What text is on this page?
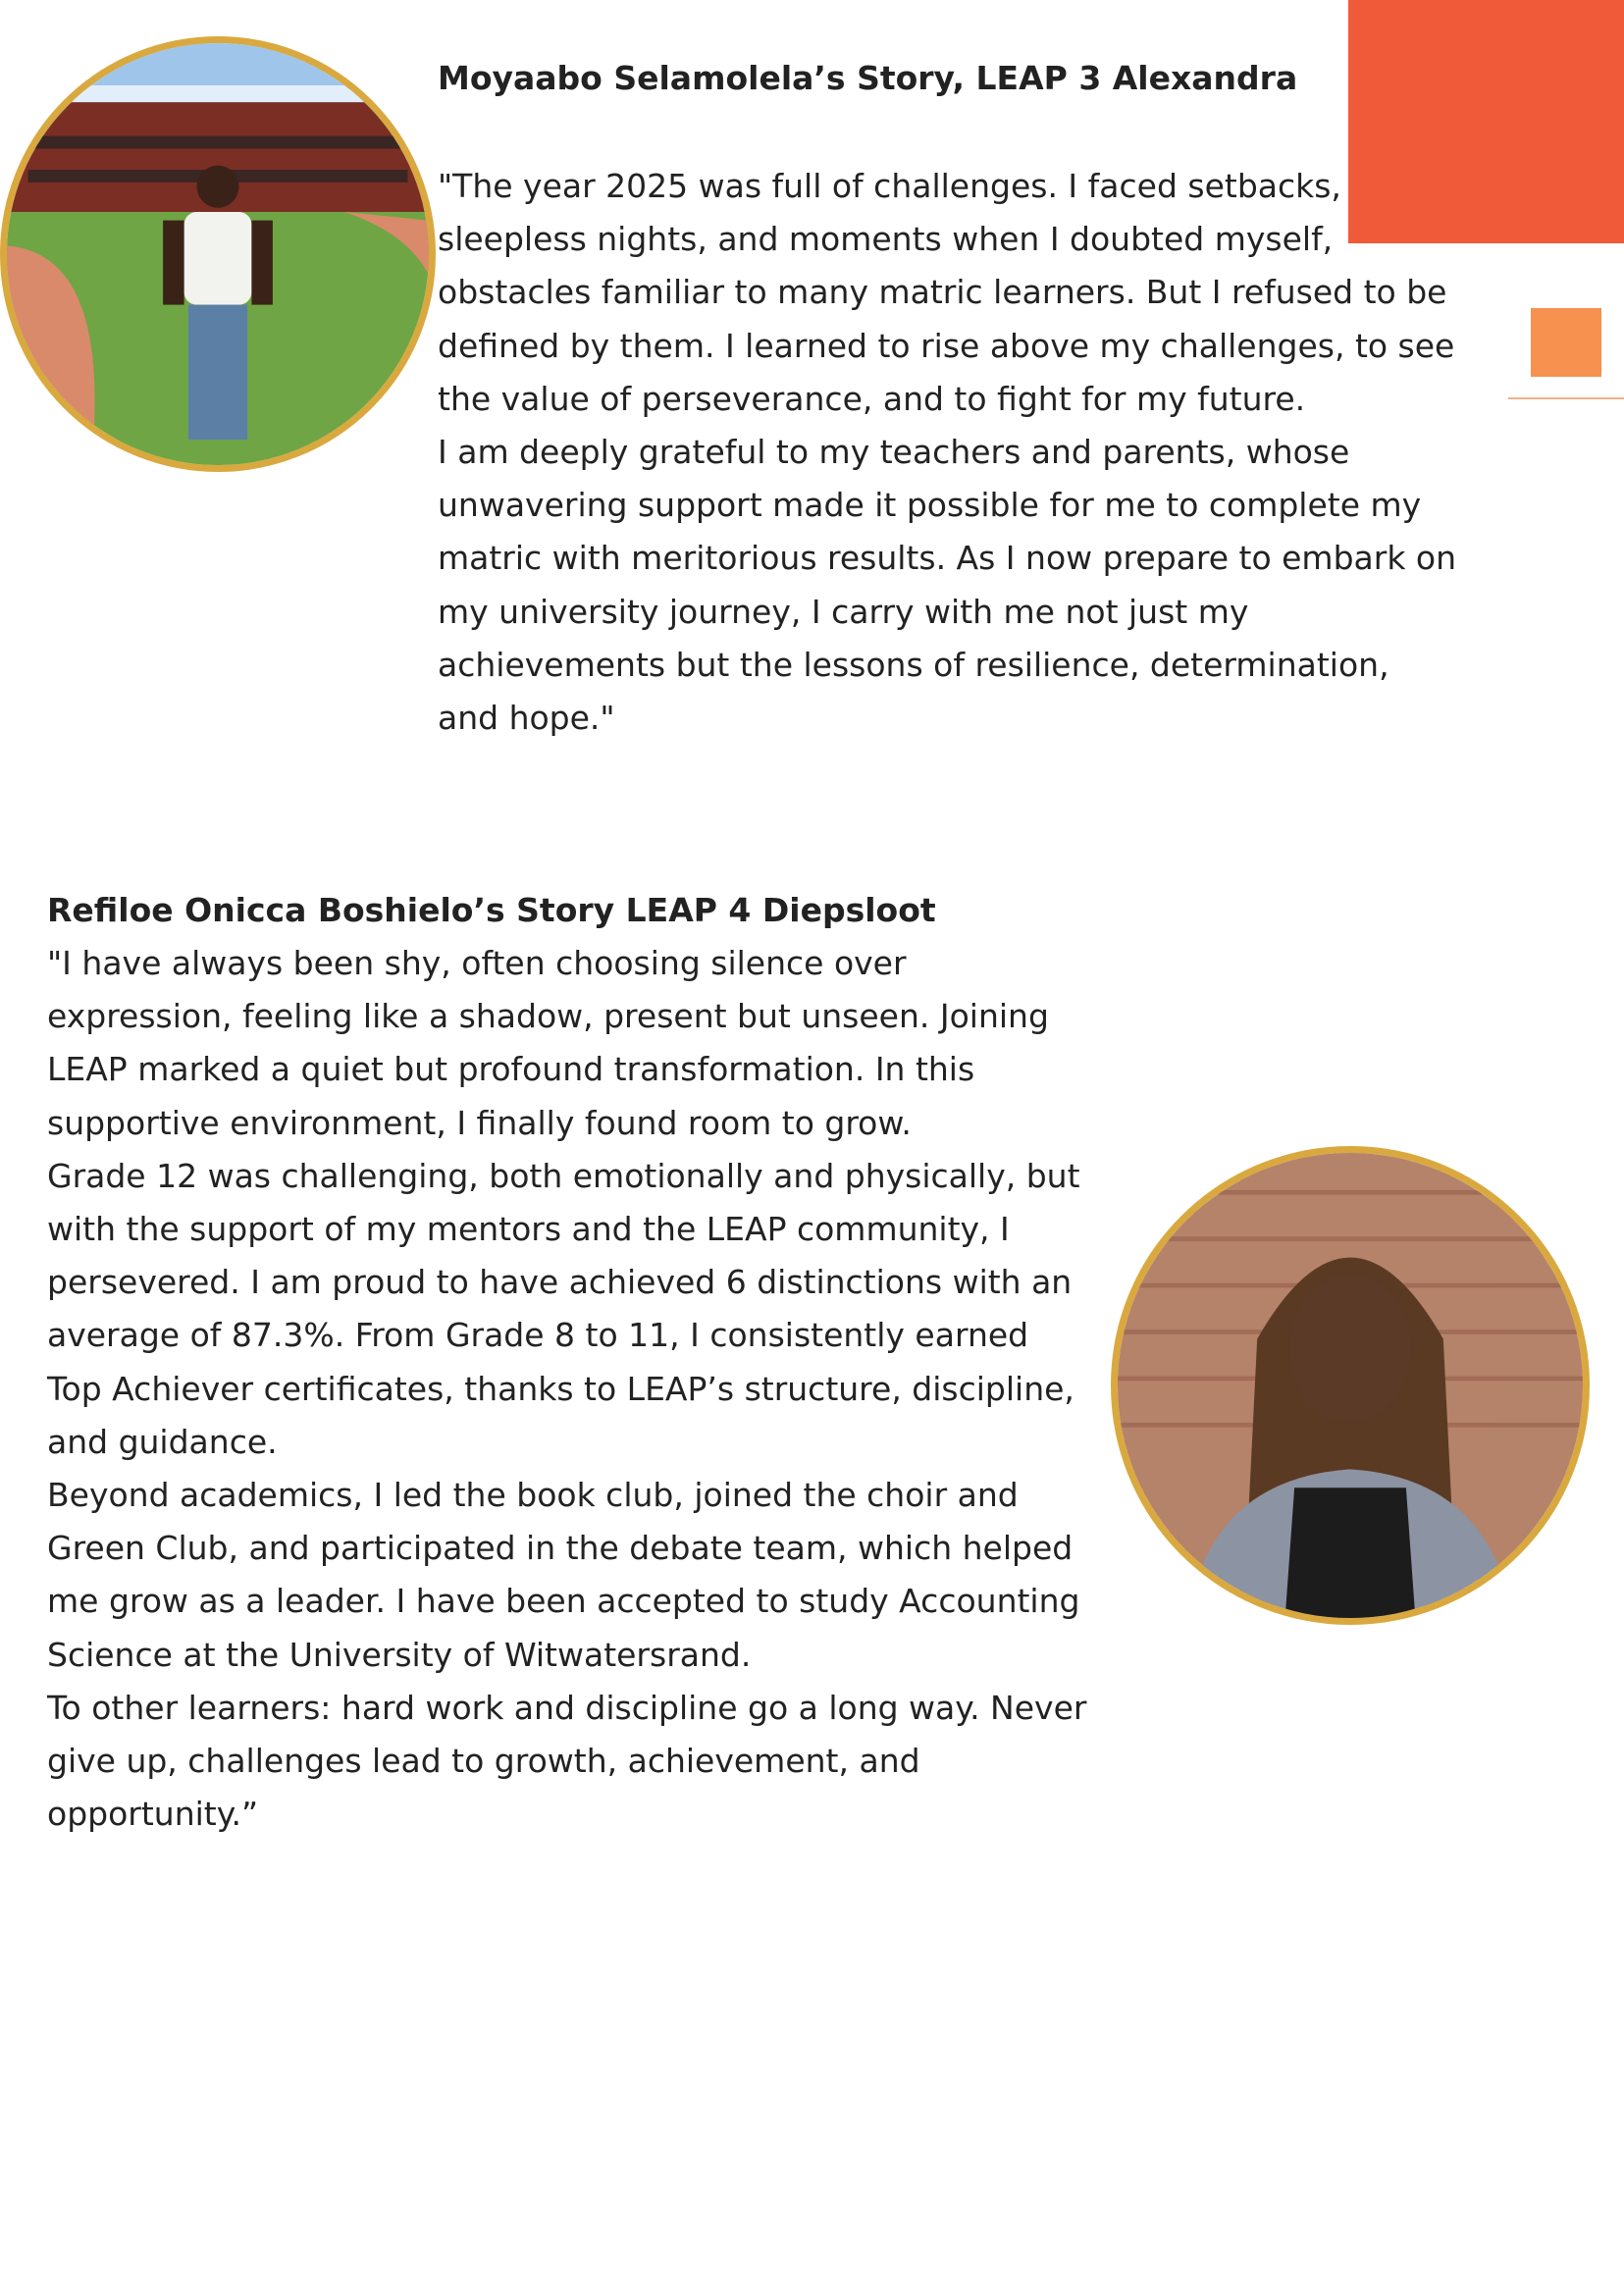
Moyaabo Selamolela’s Story, LEAP 3 Alexandra

"The year 2025 was full of challenges. I faced setbacks, sleepless nights, and moments when I doubted myself, obstacles familiar to many matric learners. But I refused to be defined by them. I learned to rise above my challenges, to see the value of perseverance, and to fight for my future.

I am deeply grateful to my teachers and parents, whose unwavering support made it possible for me to complete my matric with meritorious results. As I now prepare to embark on my university journey, I carry with me not just my achievements but the lessons of resilience, determination, and hope."

Refiloe Onicca Boshielo’s Story LEAP 4 Diepsloot

"I have always been shy, often choosing silence over expression, feeling like a shadow, present but unseen. Joining LEAP marked a quiet but profound transformation. In this supportive environment, I finally found room to grow.

Grade 12 was challenging, both emotionally and physically, but with the support of my mentors and the LEAP community, I persevered. I am proud to have achieved 6 distinctions with an average of 87.3%. From Grade 8 to 11, I consistently earned Top Achiever certificates, thanks to LEAP’s structure, discipline, and guidance.

Beyond academics, I led the book club, joined the choir and Green Club, and participated in the debate team, which helped me grow as a leader. I have been accepted to study Accounting Science at the University of Witwatersrand.

To other learners: hard work and discipline go a long way. Never give up, challenges lead to growth, achievement, and opportunity.”
